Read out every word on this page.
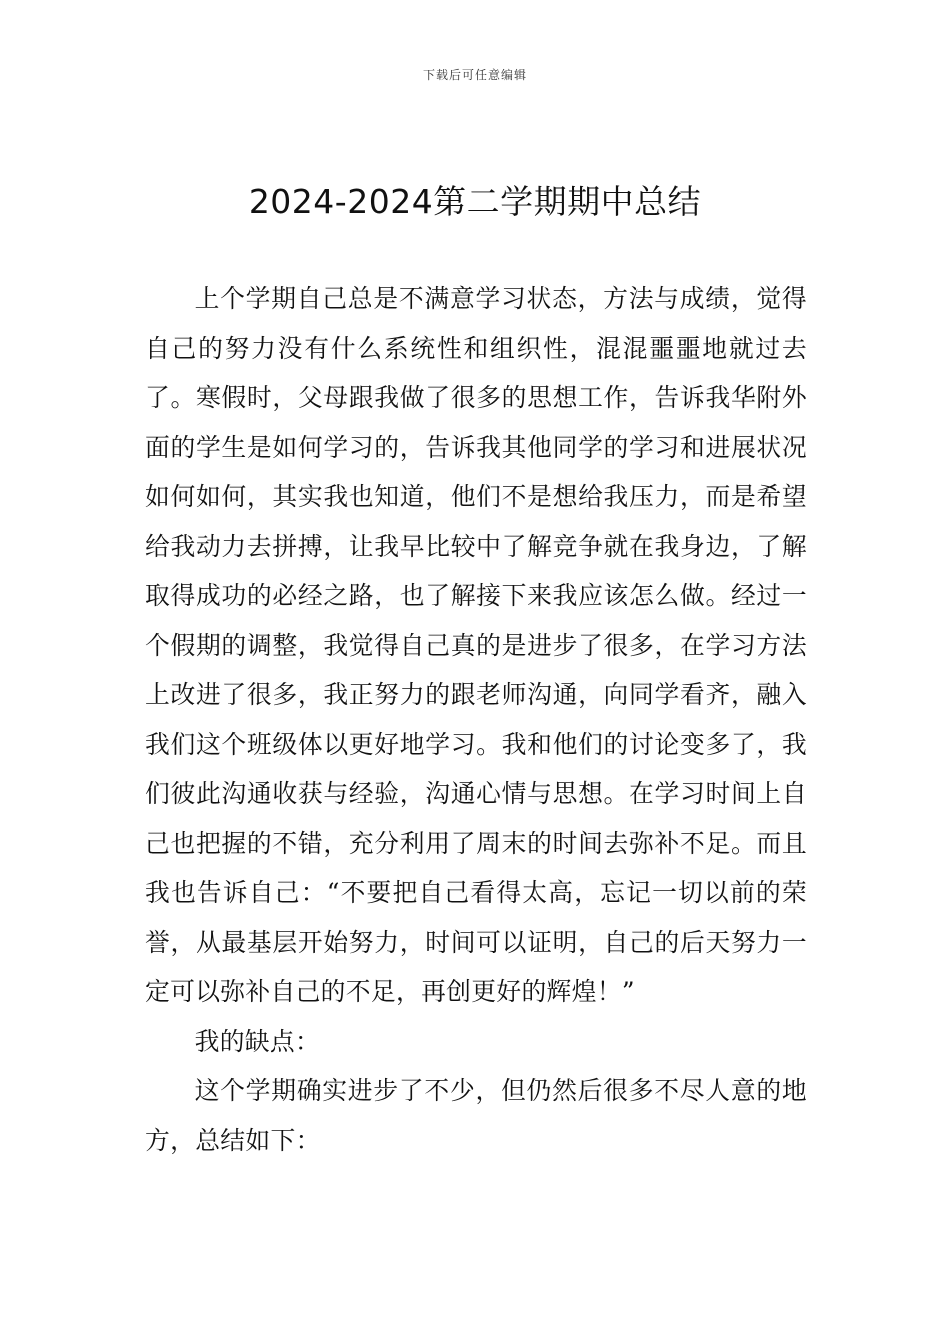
下载后可任意编辑
2024-2024第二学期期中总结

上个学期自己总是不满意学习状态，方法与成绩，觉得自己的努力没有什么系统性和组织性，混混噩噩地就过去了。寒假时，父母跟我做了很多的思想工作，告诉我华附外面的学生是如何学习的，告诉我其他同学的学习和进展状况如何如何，其实我也知道，他们不是想给我压力，而是希望给我动力去拼搏，让我早比较中了解竞争就在我身边，了解取得成功的必经之路，也了解接下来我应该怎么做。经过一个假期的调整，我觉得自己真的是进步了很多，在学习方法上改进了很多，我正努力的跟老师沟通，向同学看齐，融入我们这个班级体以更好地学习。我和他们的讨论变多了，我们彼此沟通收获与经验，沟通心情与思想。在学习时间上自己也把握的不错，充分利用了周末的时间去弥补不足。而且我也告诉自己：“不要把自己看得太高，忘记一切以前的荣誉，从最基层开始努力，时间可以证明，自己的后天努力一定可以弥补自己的不足，再创更好的辉煌！”

我的缺点：

这个学期确实进步了不少，但仍然后很多不尽人意的地方，总结如下：
